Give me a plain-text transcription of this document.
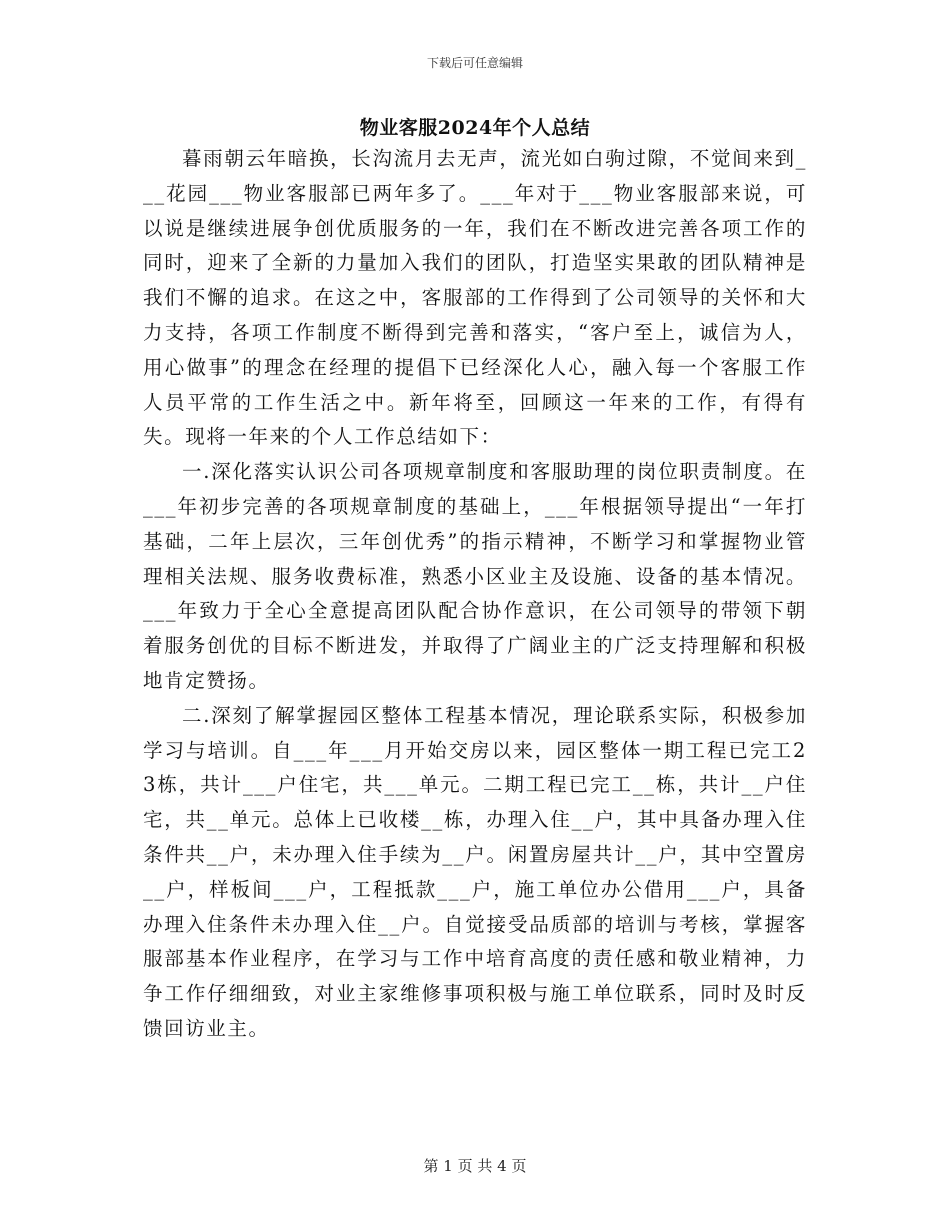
下载后可任意编辑
物业客服2024年个人总结

暮雨朝云年暗换，长沟流月去无声，流光如白驹过隙，不觉间来到___花园___物业客服部已两年多了。___年对于___物业客服部来说，可以说是继续进展争创优质服务的一年，我们在不断改进完善各项工作的同时，迎来了全新的力量加入我们的团队，打造坚实果敢的团队精神是我们不懈的追求。在这之中，客服部的工作得到了公司领导的关怀和大力支持，各项工作制度不断得到完善和落实，“客户至上，诚信为人，用心做事”的理念在经理的提倡下已经深化人心，融入每一个客服工作人员平常的工作生活之中。新年将至，回顾这一年来的工作，有得有失。现将一年来的个人工作总结如下：

一.深化落实认识公司各项规章制度和客服助理的岗位职责制度。在___年初步完善的各项规章制度的基础上，___年根据领导提出“一年打基础，二年上层次，三年创优秀”的指示精神，不断学习和掌握物业管理相关法规、服务收费标准，熟悉小区业主及设施、设备的基本情况。___年致力于全心全意提高团队配合协作意识，在公司领导的带领下朝着服务创优的目标不断进发，并取得了广阔业主的广泛支持理解和积极地肯定赞扬。

二.深刻了解掌握园区整体工程基本情况，理论联系实际，积极参加学习与培训。自___年___月开始交房以来，园区整体一期工程已完工23栋，共计___户住宅，共___单元。二期工程已完工__栋，共计__户住宅，共__单元。总体上已收楼__栋，办理入住__户，其中具备办理入住条件共__户，未办理入住手续为__户。闲置房屋共计__户，其中空置房__户，样板间___户，工程抵款___户，施工单位办公借用___户，具备办理入住条件未办理入住__户。自觉接受品质部的培训与考核，掌握客服部基本作业程序，在学习与工作中培育高度的责任感和敬业精神，力争工作仔细细致，对业主家维修事项积极与施工单位联系，同时及时反馈回访业主。

第 1 页 共 4 页
